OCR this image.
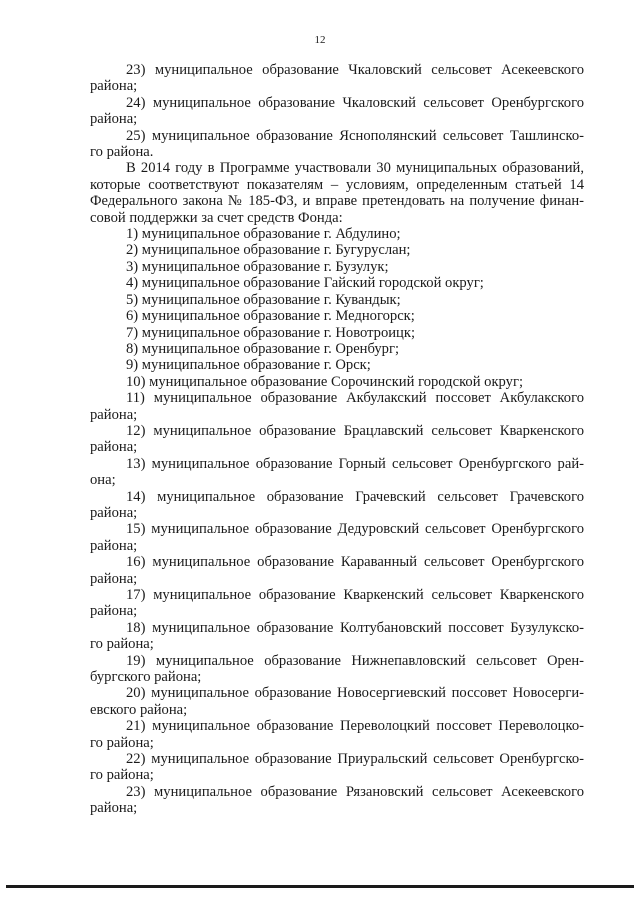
12

23) муниципальное образование Чкаловский сельсовет Асекеевского

района;

24) муниципальное образование Чкаловский сельсовет Оренбургского

района;

25) муниципальное образование Яснополянский сельсовет Ташлинско-

го района.

В 2014 году в Программе участвовали 30 муниципальных образований,

которые соответствуют показателям – условиям, определенным статьей 14

Федерального закона № 185-ФЗ, и вправе претендовать на получение финан-

совой поддержки за счет средств Фонда:

1) муниципальное образование г. Абдулино;

2) муниципальное образование г. Бугуруслан;

3) муниципальное образование г. Бузулук;

4) муниципальное образование Гайский городской округ;

5) муниципальное образование г. Кувандык;

6) муниципальное образование г. Медногорск;

7) муниципальное образование г. Новотроицк;

8) муниципальное образование г. Оренбург;

9) муниципальное образование г. Орск;

10) муниципальное образование Сорочинский городской округ;

11) муниципальное образование Акбулакский поссовет Акбулакского

района;

12) муниципальное образование Брацлавский сельсовет Кваркенского

района;

13) муниципальное образование Горный сельсовет Оренбургского рай-

она;

14) муниципальное образование Грачевский сельсовет Грачевского

района;

15) муниципальное образование Дедуровский сельсовет Оренбургского

района;

16) муниципальное образование Караванный сельсовет Оренбургского

района;

17) муниципальное образование Кваркенский сельсовет Кваркенского

района;

18) муниципальное образование Колтубановский поссовет Бузулукско-

го района;

19) муниципальное образование Нижнепавловский сельсовет Орен-

бургского района;

20) муниципальное образование Новосергиевский поссовет Новосерги-

евского района;

21) муниципальное образование Переволоцкий поссовет Переволоцко-

го района;

22) муниципальное образование Приуральский сельсовет Оренбургско-

го района;

23) муниципальное образование Рязановский сельсовет Асекеевского

района;
